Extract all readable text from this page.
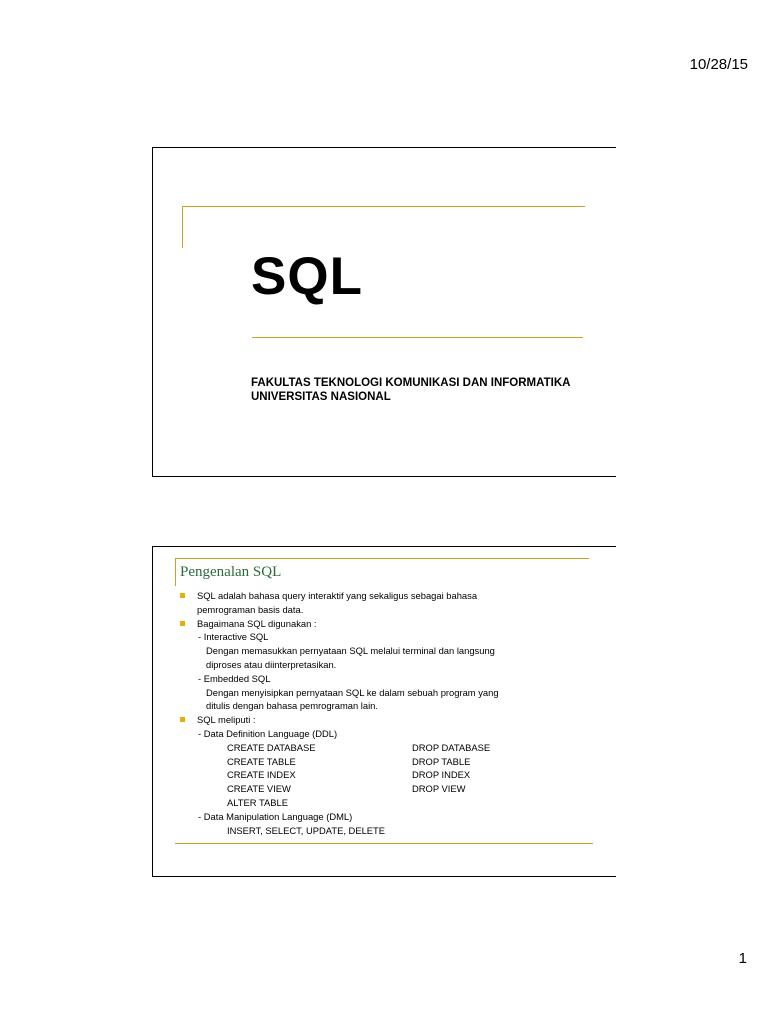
10/28/15
SQL
FAKULTAS TEKNOLOGI KOMUNIKASI DAN INFORMATIKA
UNIVERSITAS NASIONAL
Pengenalan SQL
SQL adalah bahasa query interaktif yang sekaligus sebagai bahasa
pemrograman basis data.
Bagaimana SQL digunakan :
- Interactive SQL
Dengan memasukkan pernyataan SQL melalui terminal dan langsung
diproses atau diinterpretasikan.
- Embedded SQL
Dengan menyisipkan pernyataan SQL ke dalam sebuah program yang
ditulis dengan bahasa pemrograman lain.
SQL meliputi :
- Data Definition Language (DDL)
CREATE DATABASE	DROP DATABASE
CREATE TABLE	DROP TABLE
CREATE INDEX	DROP INDEX
CREATE VIEW	DROP VIEW
ALTER TABLE
- Data Manipulation Language (DML)
INSERT, SELECT, UPDATE, DELETE
1
